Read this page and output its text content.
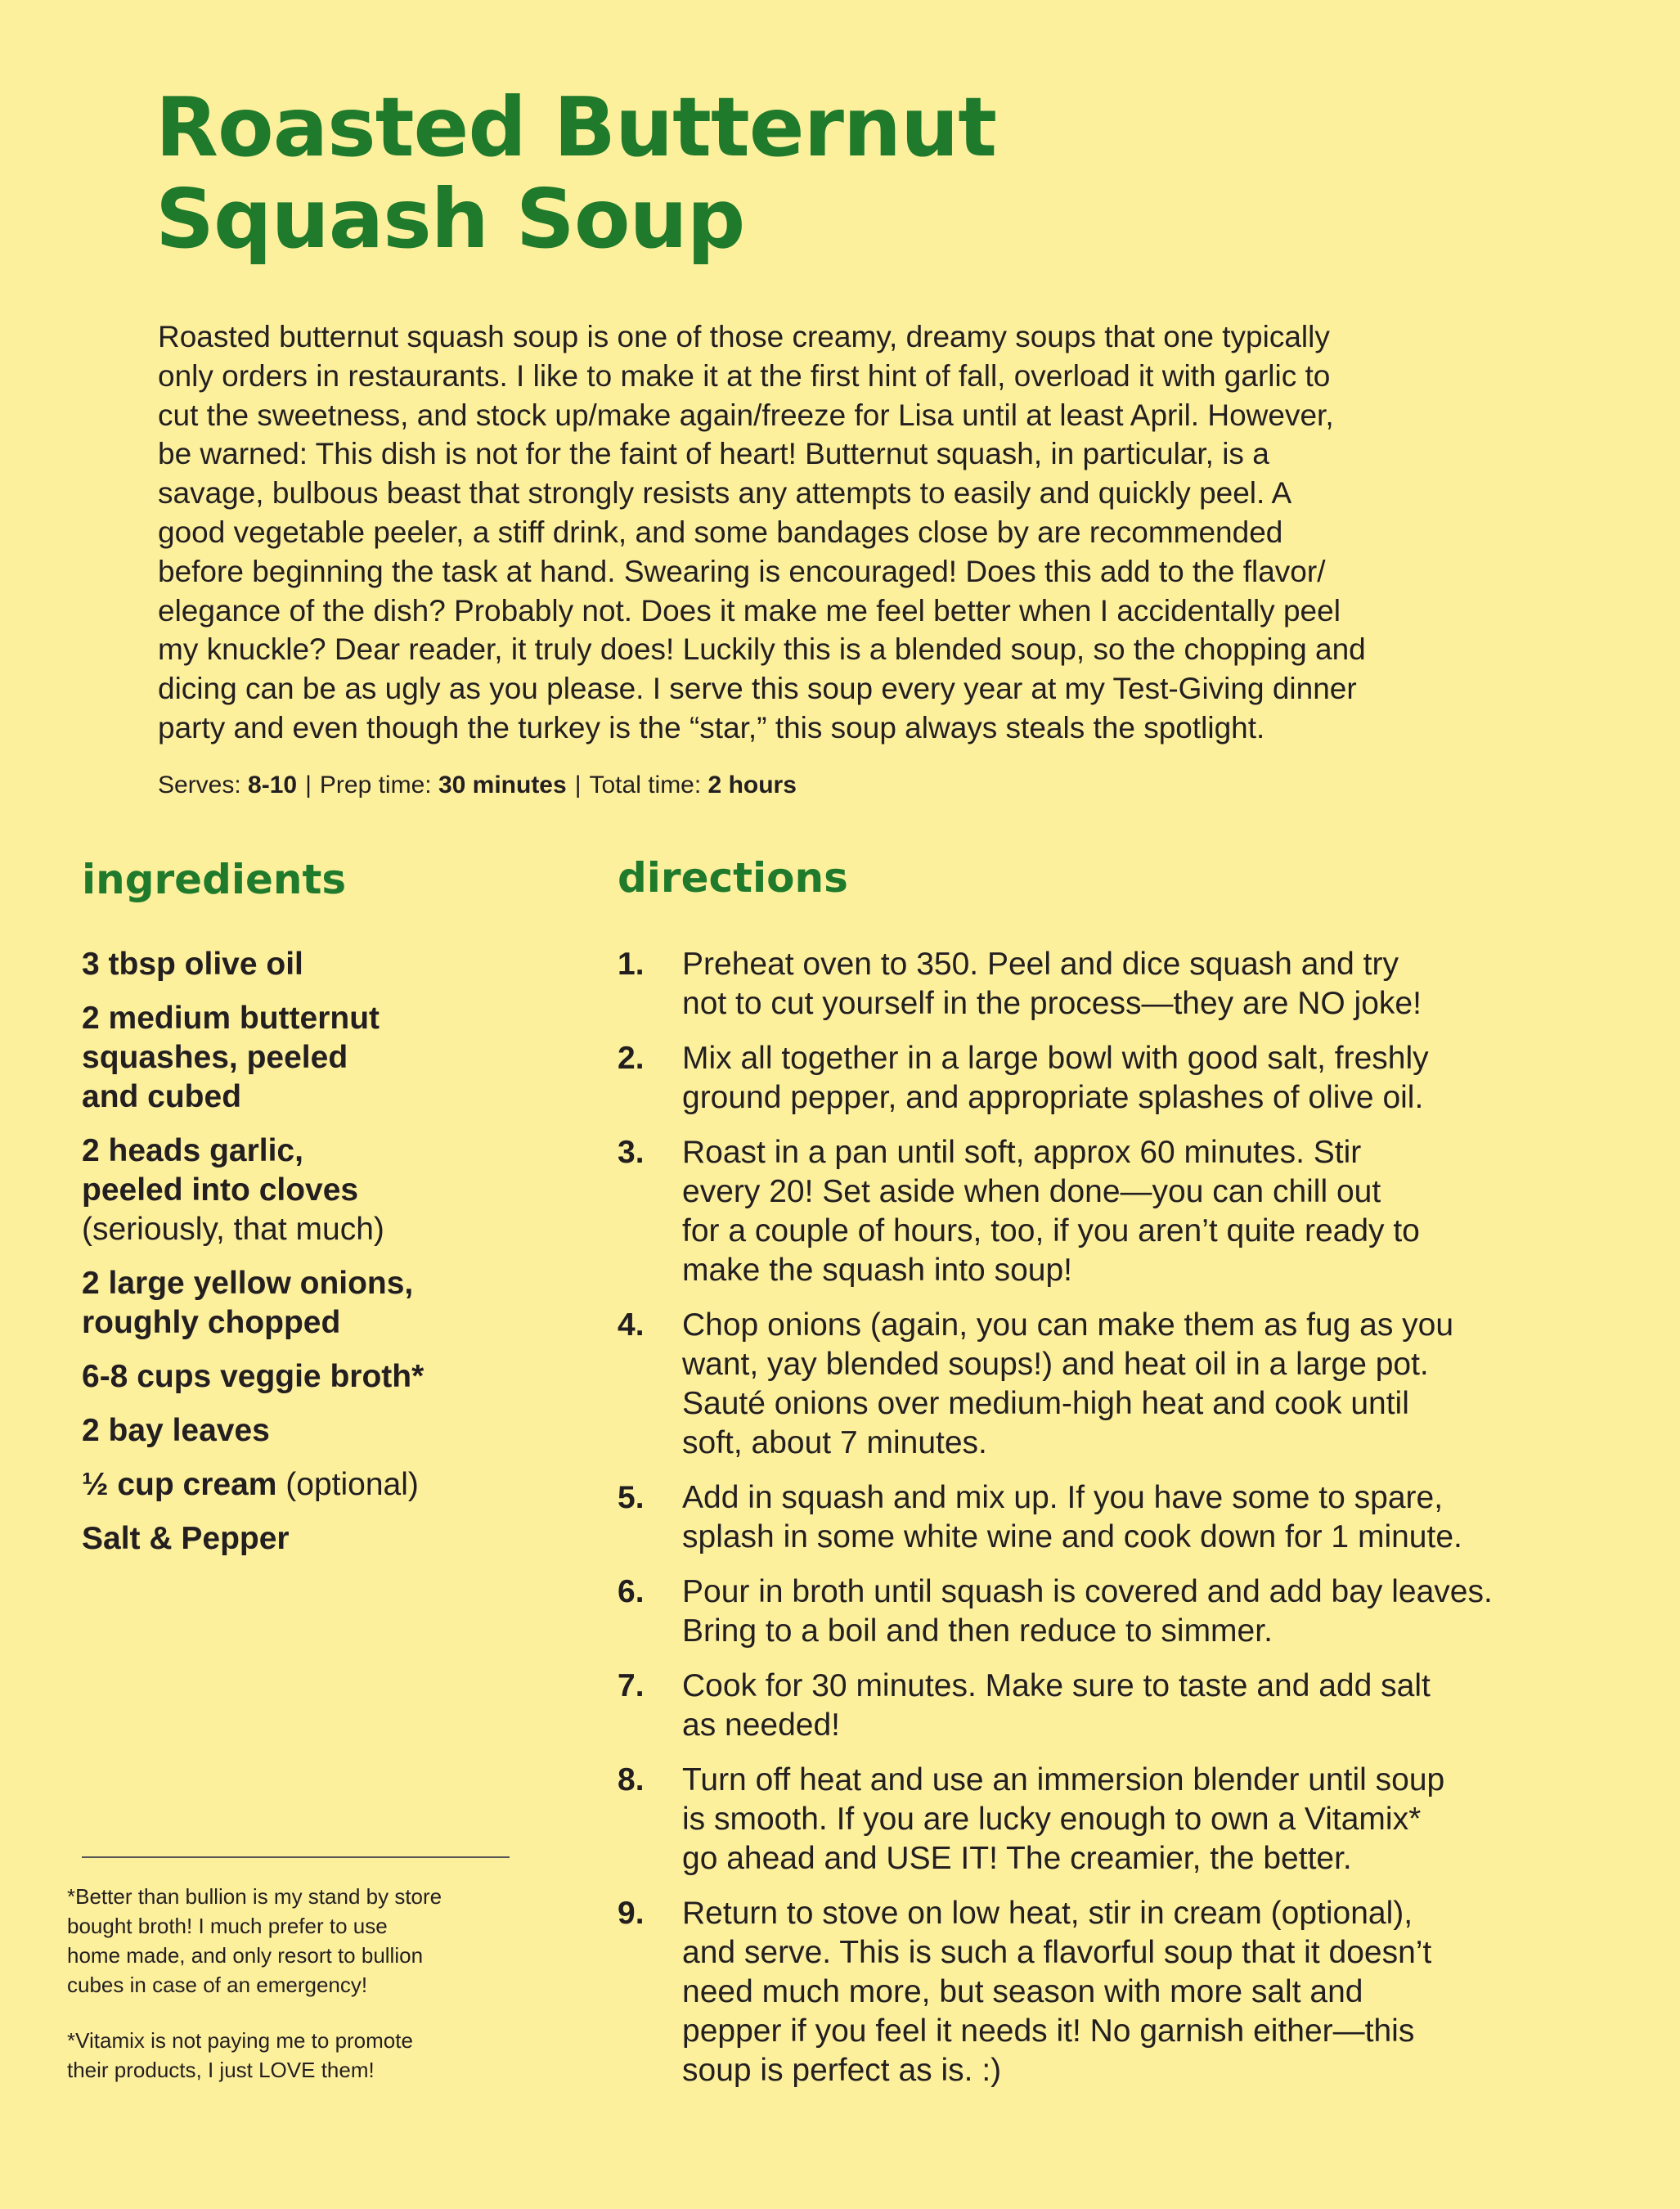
Roasted Butternut
Squash Soup
Roasted butternut squash soup is one of those creamy, dreamy soups that one typically
only orders in restaurants. I like to make it at the first hint of fall, overload it with garlic to
cut the sweetness, and stock up/make again/freeze for Lisa until at least April. However,
be warned: This dish is not for the faint of heart! Butternut squash, in particular, is a
savage, bulbous beast that strongly resists any attempts to easily and quickly peel. A
good vegetable peeler, a stiff drink, and some bandages close by are recommended
before beginning the task at hand. Swearing is encouraged! Does this add to the flavor/
elegance of the dish? Probably not. Does it make me feel better when I accidentally peel
my knuckle? Dear reader, it truly does! Luckily this is a blended soup, so the chopping and
dicing can be as ugly as you please. I serve this soup every year at my Test-Giving dinner
party and even though the turkey is the “star,” this soup always steals the spotlight.
Serves: 8-10 | Prep time: 30 minutes | Total time: 2 hours
ingredients	directions
3 tbsp olive oil
2 medium butternut
squashes, peeled
and cubed
2 heads garlic,
peeled into cloves
(seriously, that much)
2 large yellow onions,
roughly chopped
6-8 cups veggie broth*
2 bay leaves
½ cup cream (optional)
Salt & Pepper

*Better than bullion is my stand by store
bought broth! I much prefer to use
home made, and only resort to bullion
cubes in case of an emergency!

*Vitamix is not paying me to promote
their products, I just LOVE them!

1. Preheat oven to 350. Peel and dice squash and try
not to cut yourself in the process—they are NO joke!
2. Mix all together in a large bowl with good salt, freshly
ground pepper, and appropriate splashes of olive oil.
3. Roast in a pan until soft, approx 60 minutes. Stir
every 20! Set aside when done—you can chill out
for a couple of hours, too, if you aren’t quite ready to
make the squash into soup!
4. Chop onions (again, you can make them as fug as you
want, yay blended soups!) and heat oil in a large pot.
Sauté onions over medium-high heat and cook until
soft, about 7 minutes.
5. Add in squash and mix up. If you have some to spare,
splash in some white wine and cook down for 1 minute.
6. Pour in broth until squash is covered and add bay leaves.
Bring to a boil and then reduce to simmer.
7. Cook for 30 minutes. Make sure to taste and add salt
as needed!
8. Turn off heat and use an immersion blender until soup
is smooth. If you are lucky enough to own a Vitamix*
go ahead and USE IT! The creamier, the better.
9. Return to stove on low heat, stir in cream (optional),
and serve. This is such a flavorful soup that it doesn’t
need much more, but season with more salt and
pepper if you feel it needs it! No garnish either—this
soup is perfect as is. :)
